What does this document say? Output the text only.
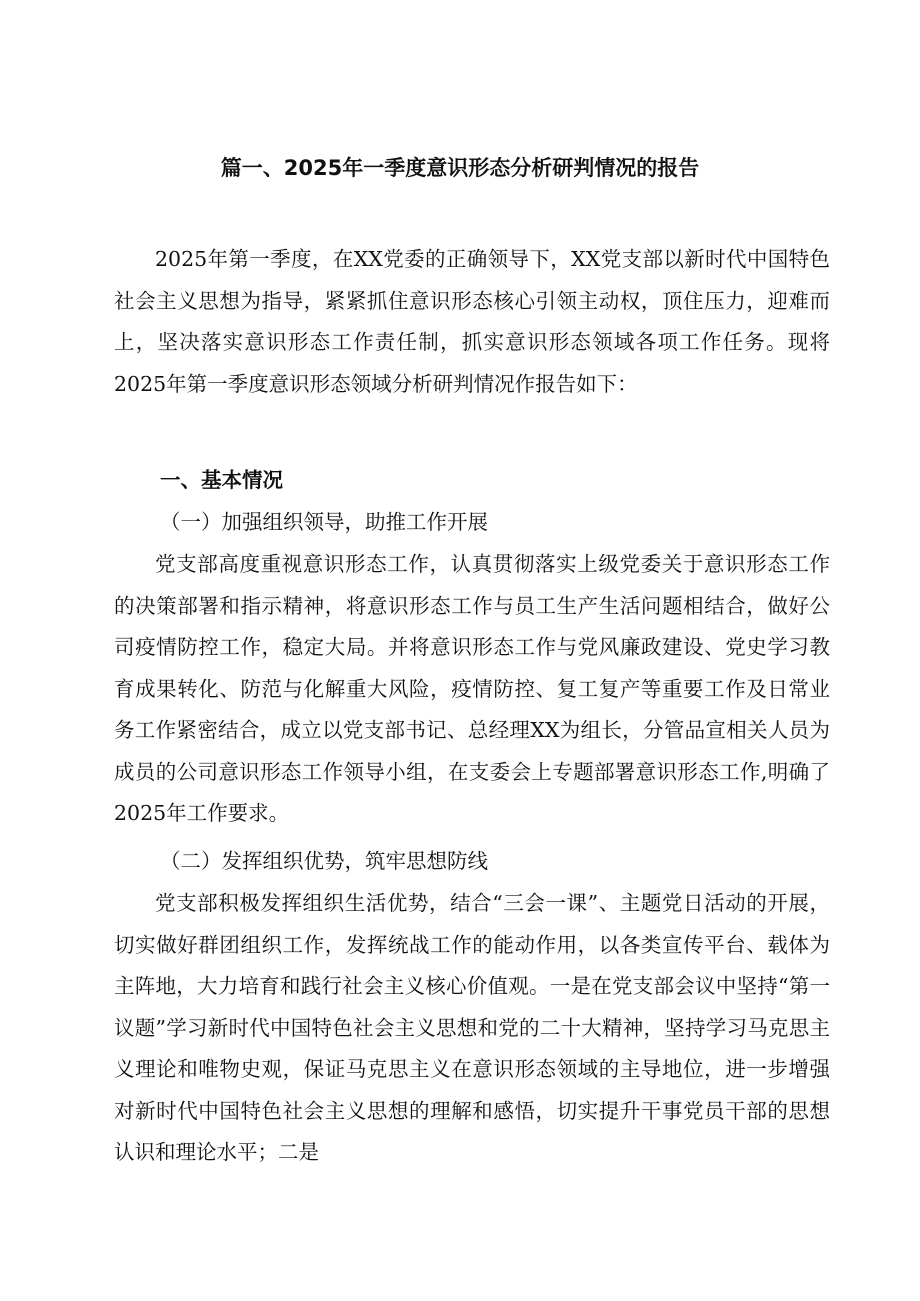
篇一、2025年一季度意识形态分析研判情况的报告

2025年第一季度，在XX党委的正确领导下，XX党支部以新时代中国特色社会主义思想为指导，紧紧抓住意识形态核心引领主动权，顶住压力，迎难而上，坚决落实意识形态工作责任制，抓实意识形态领域各项工作任务。现将2025年第一季度意识形态领域分析研判情况作报告如下：

一、基本情况

（一）加强组织领导，助推工作开展

党支部高度重视意识形态工作，认真贯彻落实上级党委关于意识形态工作的决策部署和指示精神，将意识形态工作与员工生产生活问题相结合，做好公司疫情防控工作，稳定大局。并将意识形态工作与党风廉政建设、党史学习教育成果转化、防范与化解重大风险，疫情防控、复工复产等重要工作及日常业务工作紧密结合，成立以党支部书记、总经理XX为组长，分管品宣相关人员为成员的公司意识形态工作领导小组，在支委会上专题部署意识形态工作,明确了2025年工作要求。

（二）发挥组织优势，筑牢思想防线

党支部积极发挥组织生活优势，结合“三会一课”、主题党日活动的开展，切实做好群团组织工作，发挥统战工作的能动作用，以各类宣传平台、载体为主阵地，大力培育和践行社会主义核心价值观。一是在党支部会议中坚持“第一议题”学习新时代中国特色社会主义思想和党的二十大精神，坚持学习马克思主义理论和唯物史观，保证马克思主义在意识形态领域的主导地位，进一步增强对新时代中国特色社会主义思想的理解和感悟，切实提升干事党员干部的思想认识和理论水平；二是
